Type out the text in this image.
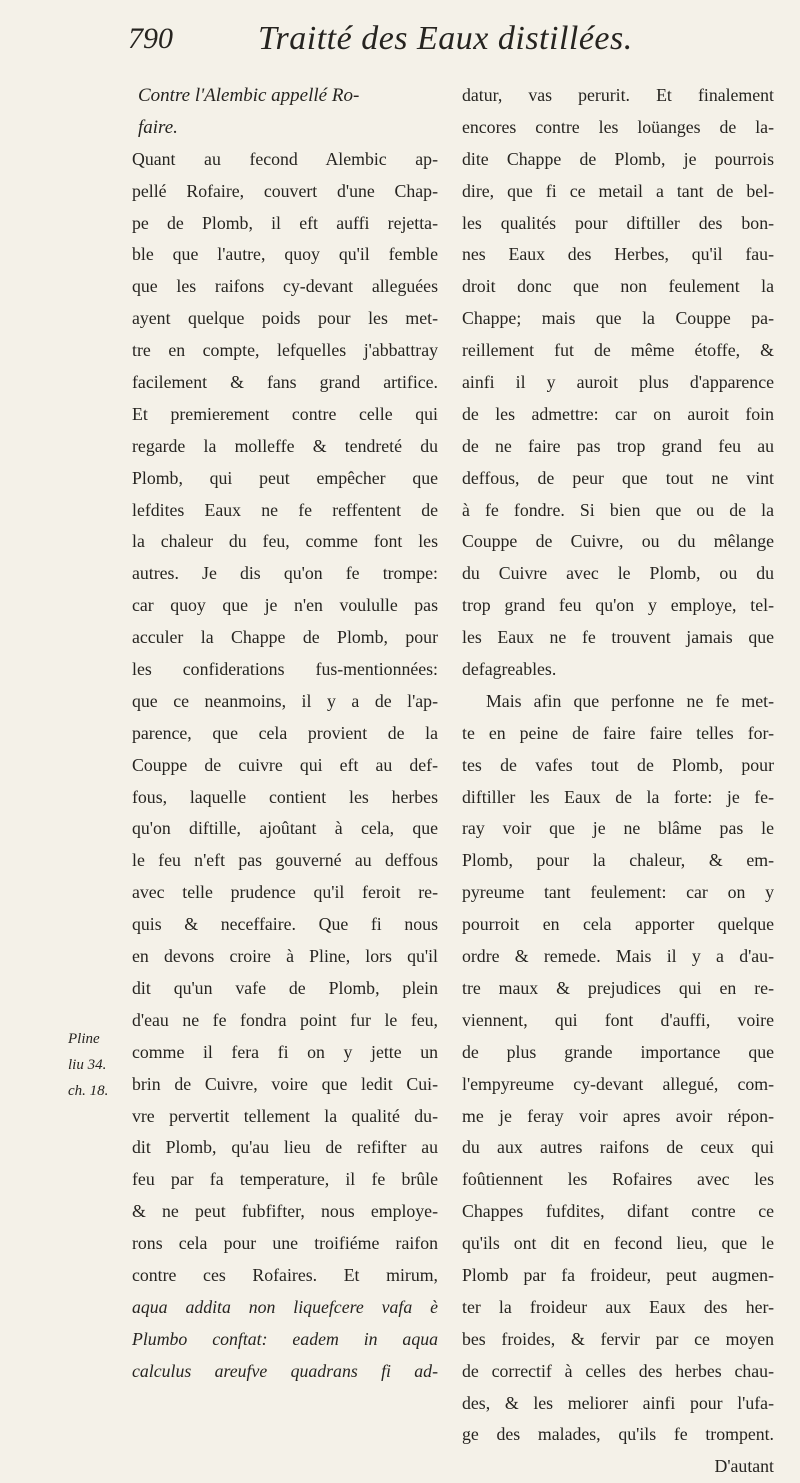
790	Traitté des Eaux distillées.
Contre l'Alembic appellé Ro-
faire.
Quant au fecond Alembic ap-
pellé Rofaire, couvert d'une Chap-
pe de Plomb, il eft auffi rejetta-
ble que l'autre, quoy qu'il femble
que les raifons cy-devant alleguées
ayent quelque poids pour les met-
tre en compte, lefquelles j'abbattray
facilement & fans grand artifice.
Et premierement contre celle qui
regarde la molleffe & tendreté du
Plomb, qui peut empêcher que
lefdites Eaux ne fe reffentent de
la chaleur du feu, comme font les
autres. Je dis qu'on fe trompe:
car quoy que je n'en voululle pas
acculer la Chappe de Plomb, pour
les confiderations fus-mentionnées:
que ce neanmoins, il y a de l'ap-
parence, que cela provient de la
Couppe de cuivre qui eft au def-
fous, laquelle contient les herbes
qu'on diftille, ajoûtant à cela, que
le feu n'eft pas gouverné au deffous
avec telle prudence qu'il feroit re-
quis & neceffaire. Que fi nous
en devons croire à Pline, lors qu'il
dit qu'un vafe de Plomb, plein
d'eau ne fe fondra point fur le feu,
comme il fera fi on y jette un
brin de Cuivre, voire que ledit Cui-
vre pervertit tellement la qualité du-
dit Plomb, qu'au lieu de refifter au
feu par fa temperature, il fe brûle
& ne peut fubfifter, nous employe-
rons cela pour une troifiéme raifon
contre ces Rofaires. Et mirum,
aqua addita non liquefcere vafa è
Plumbo conftat: eadem in aqua
calculus areufve quadrans fi ad-
datur, vas perurit. Et finalement
encores contre les loüanges de la-
dite Chappe de Plomb, je pourrois
dire, que fi ce metail a tant de bel-
les qualités pour diftiller des bon-
nes Eaux des Herbes, qu'il fau-
droit donc que non feulement la
Chappe; mais que la Couppe pa-
reillement fut de même étoffe, &
ainfi il y auroit plus d'apparence
de les admettre: car on auroit foin
de ne faire pas trop grand feu au
deffous, de peur que tout ne vint
à fe fondre. Si bien que ou de la
Couppe de Cuivre, ou du mêlange
du Cuivre avec le Plomb, ou du
trop grand feu qu'on y employe, tel-
les Eaux ne fe trouvent jamais que
defagreables.
Mais afin que perfonne ne fe met-
te en peine de faire faire telles for-
tes de vafes tout de Plomb, pour
diftiller les Eaux de la forte: je fe-
ray voir que je ne blâme pas le
Plomb, pour la chaleur, & em-
pyreume tant feulement: car on y
pourroit en cela apporter quelque
ordre & remede. Mais il y a d'au-
tre maux & prejudices qui en re-
viennent, qui font d'auffi, voire
de plus grande importance que
l'empyreume cy-devant allegué, com-
me je feray voir apres avoir répon-
du aux autres raifons de ceux qui
foûtiennent les Rofaires avec les
Chappes fufdites, difant contre ce
qu'ils ont dit en fecond lieu, que le
Plomb par fa froideur, peut augmen-
ter la froideur aux Eaux des her-
bes froides, & fervir par ce moyen
de correctif à celles des herbes chau-
des, & les meliorer ainfi pour l'ufa-
ge des malades, qu'ils fe trompent.
D'autant
Pline
liu 34.
ch. 18.
